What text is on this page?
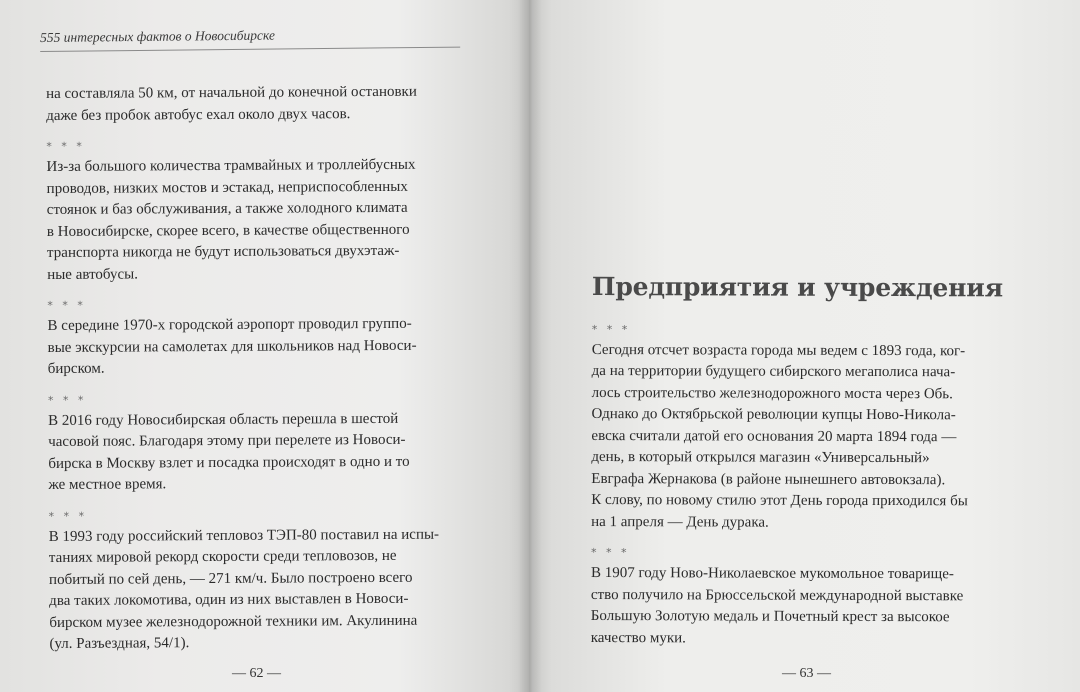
555 интересных фактов о Новосибирске

на составляла 50 км, от начальной до конечной остановки
даже без пробок автобус ехал около двух часов.

* * *

Из-за большого количества трамвайных и троллейбусных
проводов, низких мостов и эстакад, неприспособленных
стоянок и баз обслуживания, а также холодного климата
в Новосибирске, скорее всего, в качестве общественного
транспорта никогда не будут использоваться двухэтаж-
ные автобусы.

* * *

В середине 1970-х городской аэропорт проводил группо-
вые экскурсии на самолетах для школьников над Новоси-
бирском.

* * *

В 2016 году Новосибирская область перешла в шестой
часовой пояс. Благодаря этому при перелете из Новоси-
бирска в Москву взлет и посадка происходят в одно и то
же местное время.

* * *

В 1993 году российский тепловоз ТЭП-80 поставил на испы-
таниях мировой рекорд скорости среди тепловозов, не
побитый по сей день, — 271 км/ч. Было построено всего
два таких локомотива, один из них выставлен в Новоси-
бирском музее железнодорожной техники им. Акулинина
(ул. Разъездная, 54/1).

— 62 —
Предприятия и учреждения
* * *

Сегодня отсчет возраста города мы ведем с 1893 года, ког-
да на территории будущего сибирского мегаполиса нача-
лось строительство железнодорожного моста через Обь.
Однако до Октябрьской революции купцы Ново-Никола-
евска считали датой его основания 20 марта 1894 года —
день, в который открылся магазин «Универсальный»
Евграфа Жернакова (в районе нынешнего автовокзала).
К слову, по новому стилю этот День города приходился бы
на 1 апреля — День дурака.

* * *

В 1907 году Ново-Николаевское мукомольное товарище-
ство получило на Брюссельской международной выставке
Большую Золотую медаль и Почетный крест за высокое
качество муки.

— 63 —
